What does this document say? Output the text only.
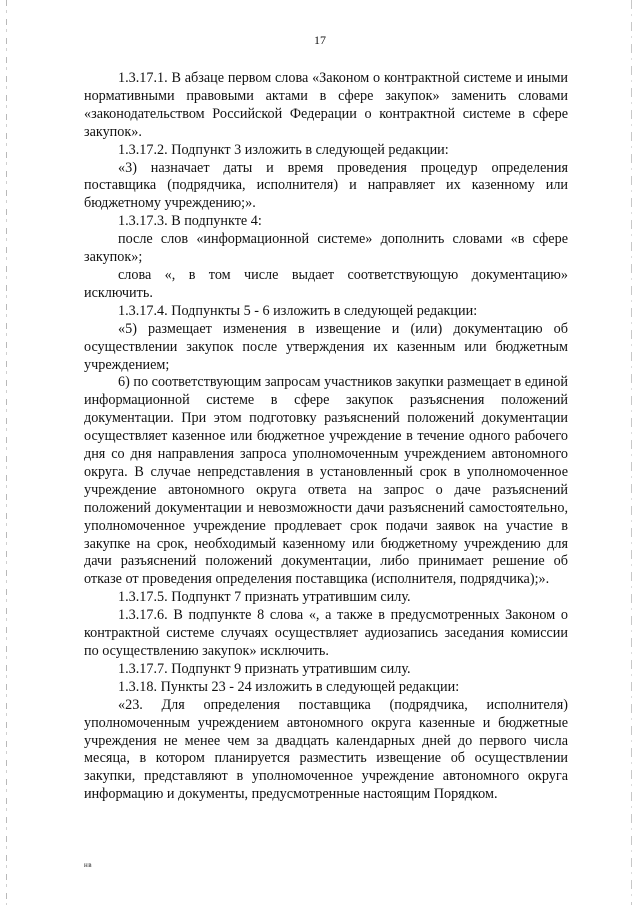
17

1.3.17.1. В абзаце первом слова «Законом о контрактной системе и иными нормативными правовыми актами в сфере закупок» заменить словами «законодательством Российской Федерации о контрактной системе в сфере закупок».

1.3.17.2. Подпункт 3 изложить в следующей редакции:

«3) назначает даты и время проведения процедур определения поставщика (подрядчика, исполнителя) и направляет их казенному или бюджетному учреждению;».

1.3.17.3. В подпункте 4:

после слов «информационной системе» дополнить словами «в сфере закупок»;

слова «, в том числе выдает соответствующую документацию» исключить.

1.3.17.4. Подпункты 5 - 6 изложить в следующей редакции:

«5) размещает изменения в извещение и (или) документацию об осуществлении закупок после утверждения их казенным или бюджетным учреждением;

6) по соответствующим запросам участников закупки размещает в единой информационной системе в сфере закупок разъяснения положений документации. При этом подготовку разъяснений положений документации осуществляет казенное или бюджетное учреждение в течение одного рабочего дня со дня направления запроса уполномоченным учреждением автономного округа. В случае непредставления в установленный срок в уполномоченное учреждение автономного округа ответа на запрос о даче разъяснений положений документации и невозможности дачи разъяснений самостоятельно, уполномоченное учреждение продлевает срок подачи заявок на участие в закупке на срок, необходимый казенному или бюджетному учреждению для дачи разъяснений положений документации, либо принимает решение об отказе от проведения определения поставщика (исполнителя, подрядчика);».

1.3.17.5. Подпункт 7 признать утратившим силу.

1.3.17.6. В подпункте 8 слова «, а также в предусмотренных Законом о контрактной системе случаях осуществляет аудиозапись заседания комиссии по осуществлению закупок» исключить.

1.3.17.7. Подпункт 9 признать утратившим силу.

1.3.18. Пункты 23 - 24 изложить в следующей редакции:

«23. Для определения поставщика (подрядчика, исполнителя) уполномоченным учреждением автономного округа казенные и бюджетные учреждения не менее чем за двадцать календарных дней до первого числа месяца, в котором планируется разместить извещение об осуществлении закупки, представляют в уполномоченное учреждение автономного округа информацию и документы, предусмотренные настоящим Порядком.

нв
